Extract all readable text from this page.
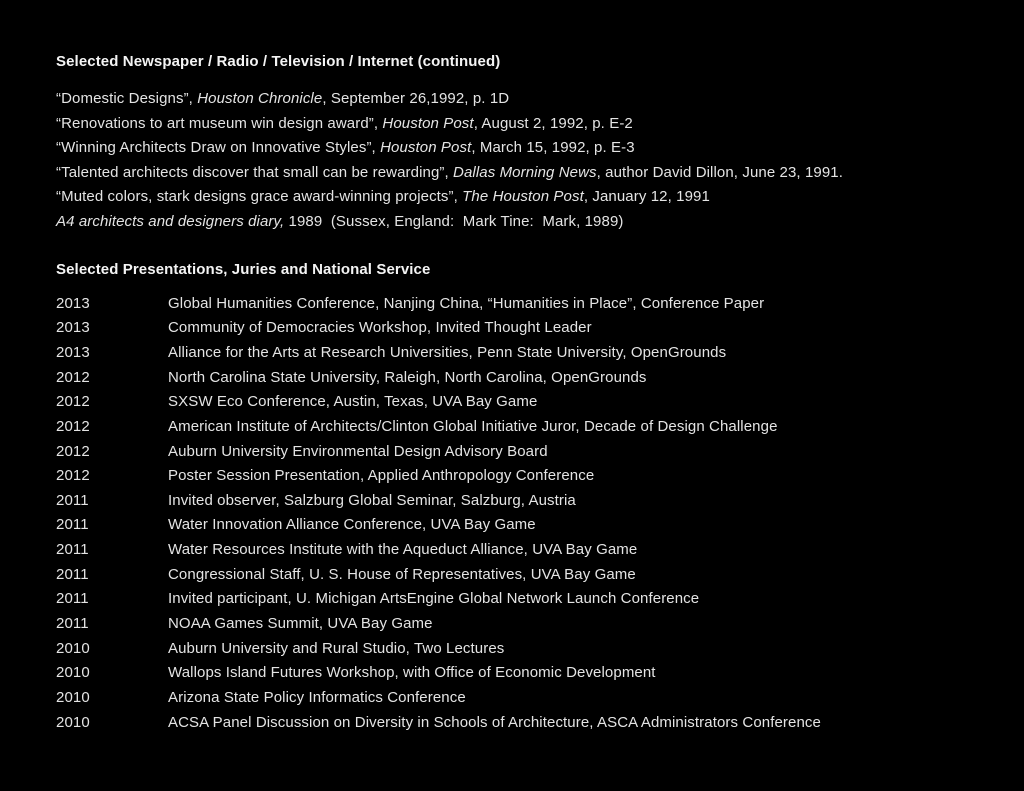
Selected Newspaper / Radio / Television / Internet (continued)
“Domestic Designs”, Houston Chronicle, September 26,1992, p. 1D
“Renovations to art museum win design award”, Houston Post, August 2, 1992, p. E-2
“Winning Architects Draw on Innovative Styles”, Houston Post, March 15, 1992, p. E-3
“Talented architects discover that small can be rewarding”, Dallas Morning News, author David Dillon, June 23, 1991.
“Muted colors, stark designs grace award-winning projects”, The Houston Post, January 12, 1991
A4 architects and designers diary, 1989  (Sussex, England:  Mark Tine:  Mark, 1989)
Selected Presentations, Juries and National Service
2013	Global Humanities Conference, Nanjing China, “Humanities in Place”, Conference Paper
2013	Community of Democracies Workshop, Invited Thought Leader
2013	Alliance for the Arts at Research Universities, Penn State University, OpenGrounds
2012	North Carolina State University, Raleigh, North Carolina, OpenGrounds
2012	SXSW Eco Conference, Austin, Texas, UVA Bay Game
2012	American Institute of Architects/Clinton Global Initiative Juror, Decade of Design Challenge
2012	Auburn University Environmental Design Advisory Board
2012	Poster Session Presentation, Applied Anthropology Conference
2011	Invited observer, Salzburg Global Seminar, Salzburg, Austria
2011	Water Innovation Alliance Conference, UVA Bay Game
2011	Water Resources Institute with the Aqueduct Alliance, UVA Bay Game
2011	Congressional Staff, U. S. House of Representatives, UVA Bay Game
2011	Invited participant, U. Michigan ArtsEngine Global Network Launch Conference
2011	NOAA Games Summit, UVA Bay Game
2010	Auburn University and Rural Studio, Two Lectures
2010	Wallops Island Futures Workshop, with Office of Economic Development
2010	Arizona State Policy Informatics Conference
2010	ACSA Panel Discussion on Diversity in Schools of Architecture, ASCA Administrators Conference
